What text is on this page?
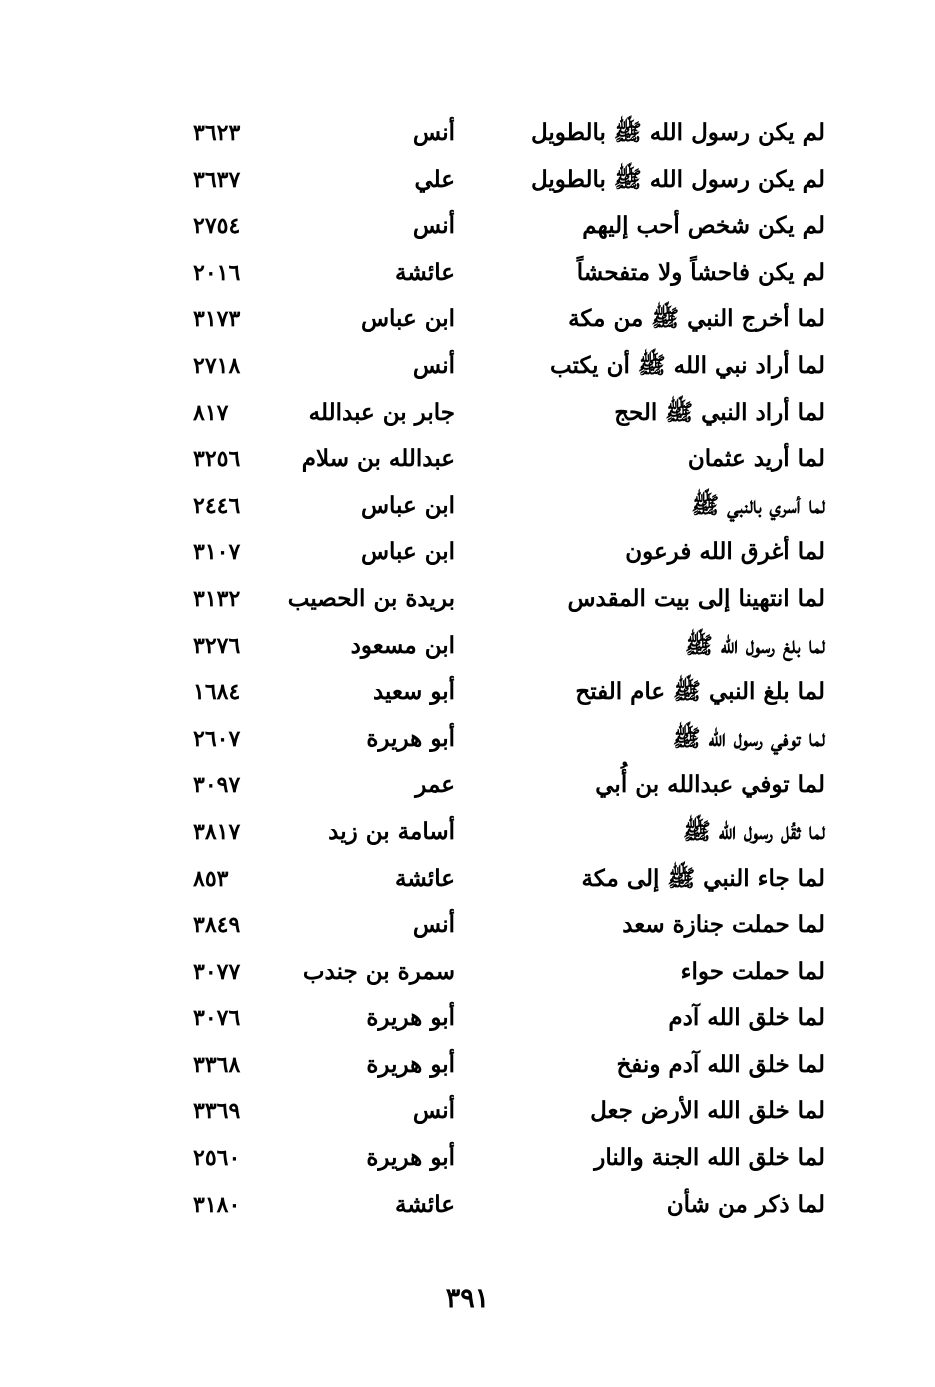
لم يكن رسول الله ﷺ بالطويل
أنس
٣٦٢٣
لم يكن رسول الله ﷺ بالطويل
علي
٣٦٣٧
لم يكن شخص أحب إليهم
أنس
٢٧٥٤
لم يكن فاحشاً ولا متفحشاً
عائشة
٢٠١٦
لما أخرج النبي ﷺ من مكة
ابن عباس
٣١٧٣
لما أراد نبي الله ﷺ أن يكتب
أنس
٢٧١٨
لما أراد النبي ﷺ الحج
جابر بن عبدالله
٨١٧
لما أريد عثمان
عبدالله بن سلام
٣٢٥٦
لما أسري بالنبي ﷺ
ابن عباس
٢٤٤٦
لما أغرق الله فرعون
ابن عباس
٣١٠٧
لما انتهينا إلى بيت المقدس
بريدة بن الحصيب
٣١٣٢
لما بلغ رسول الله ﷺ
ابن مسعود
٣٢٧٦
لما بلغ النبي ﷺ عام الفتح
أبو سعيد
١٦٨٤
لما توفي رسول الله ﷺ
أبو هريرة
٢٦٠٧
لما توفي عبدالله بن أُبي
عمر
٣٠٩٧
لما ثقُل رسول الله ﷺ
أسامة بن زيد
٣٨١٧
لما جاء النبي ﷺ إلى مكة
عائشة
٨٥٣
لما حملت جنازة سعد
أنس
٣٨٤٩
لما حملت حواء
سمرة بن جندب
٣٠٧٧
لما خلق الله آدم
أبو هريرة
٣٠٧٦
لما خلق الله آدم ونفخ
أبو هريرة
٣٣٦٨
لما خلق الله الأرض جعل
أنس
٣٣٦٩
لما خلق الله الجنة والنار
أبو هريرة
٢٥٦٠
لما ذكر من شأن
عائشة
٣١٨٠
٣٩١
